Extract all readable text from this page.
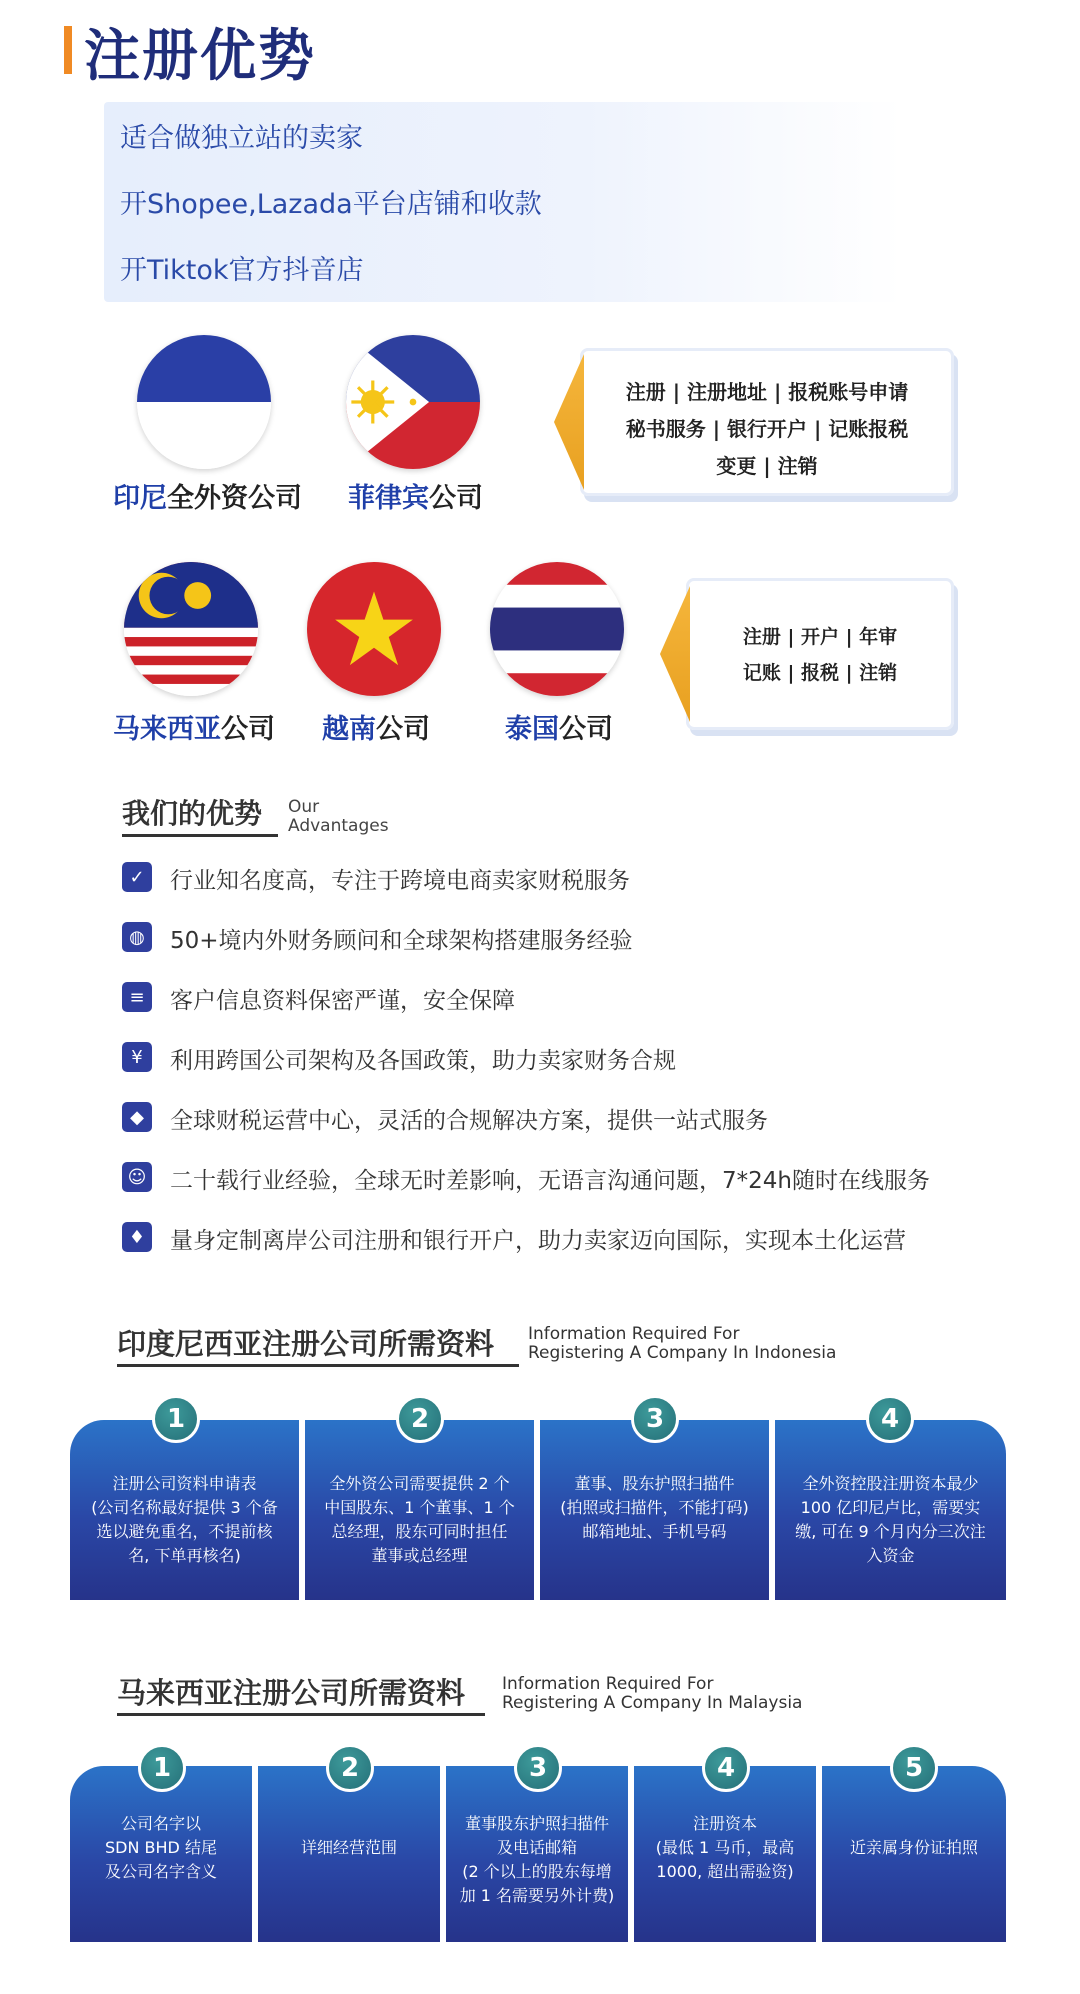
注册优势
适合做独立站的卖家
开Shopee,Lazada平台店铺和收款
开Tiktok官方抖音店
印尼全外资公司 菲律宾公司
注册 | 注册地址 | 报税账号申请
秘书服务 | 银行开户 | 记账报税
变更 | 注销
马来西亚公司 越南公司	泰国公司
注册 | 开户 | 年审
记账 | 报税 | 注销
我们的优势 Our
Advantages
✓	行业知名度高，专注于跨境电商卖家财税服务
◍	50+境内外财务顾问和全球架构搭建服务经验
≡	客户信息资料保密严谨，安全保障
¥	利用跨国公司架构及各国政策，助力卖家财务合规
◆	全球财税运营中心，灵活的合规解决方案，提供一站式服务
☺ 二十载行业经验，全球无时差影响，无语言沟通问题，7*24h随时在线服务
♦	量身定制离岸公司注册和银行开户，助力卖家迈向国际，实现本土化运营
印度尼西亚注册公司所需资料 Information Required For
Registering A Company In Indonesia
注册公司资料申请表
(公司名称最好提供 3 个备
选以避免重名，不提前核
名, 下单再核名)
全外资公司需要提供 2 个
中国股东、1 个董事、1 个
总经理，股东可同时担任
董事或总经理
董事、股东护照扫描件
(拍照或扫描件，不能打码)
邮箱地址、手机号码
全外资控股注册资本最少
100 亿印尼卢比，需要实
缴, 可在 9 个月内分三次注
入资金
1	2	3	4
马来西亚注册公司所需资料 Information Required For
Registering A Company In Malaysia
公司名字以
SDN BHD 结尾
及公司名字含义
详细经营范围
董事股东护照扫描件
及电话邮箱
(2 个以上的股东每增
加 1 名需要另外计费)
注册资本
(最低 1 马币，最高
1000, 超出需验资)
近亲属身份证拍照
1	2	3	4	5
